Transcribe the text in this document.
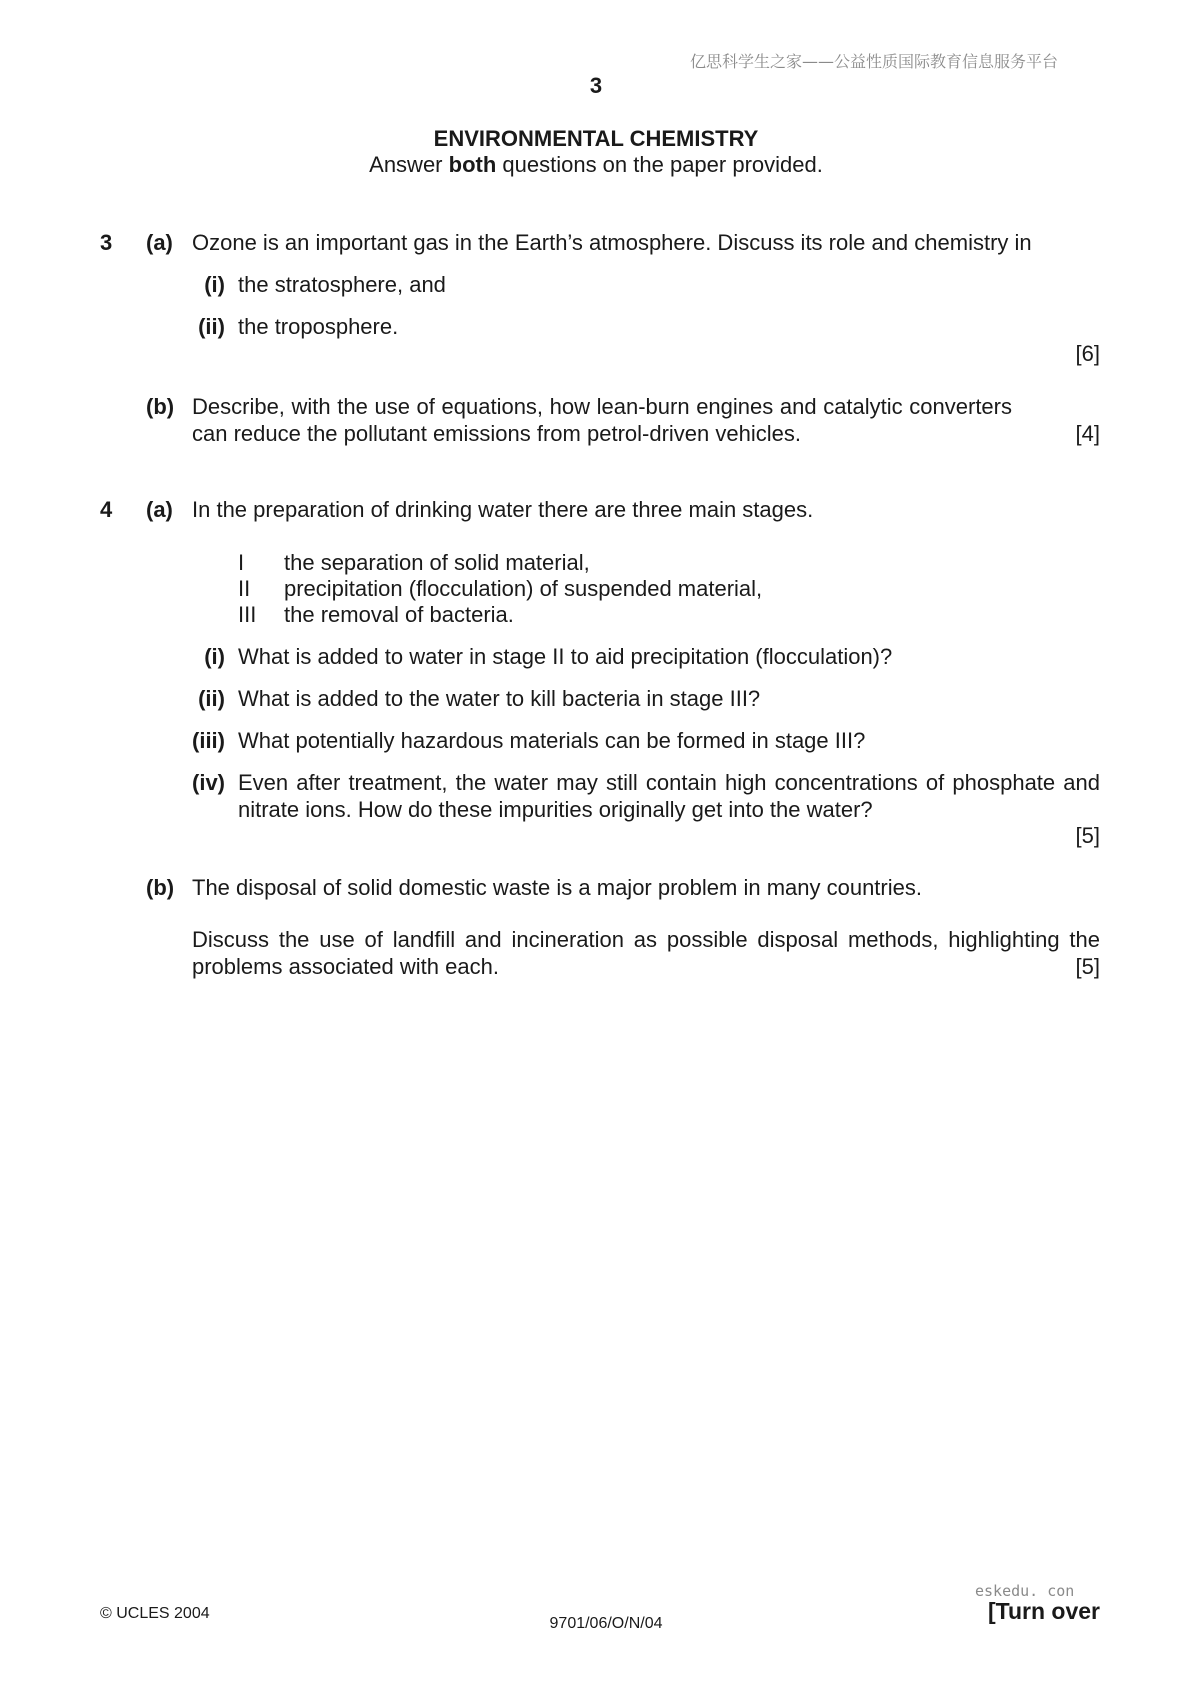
亿思科学生之家——公益性质国际教育信息服务平台
3
ENVIRONMENTAL CHEMISTRY
Answer both questions on the paper provided.
3 (a) Ozone is an important gas in the Earth’s atmosphere. Discuss its role and chemistry in
(i) the stratosphere, and
(ii) the troposphere.
[6]
(b) Describe, with the use of equations, how lean-burn engines and catalytic converters can reduce the pollutant emissions from petrol-driven vehicles.	[4]
4 (a) In the preparation of drinking water there are three main stages.
I the separation of solid material,
II precipitation (flocculation) of suspended material,
III the removal of bacteria.
(i) What is added to water in stage II to aid precipitation (flocculation)?
(ii) What is added to the water to kill bacteria in stage III?
(iii) What potentially hazardous materials can be formed in stage III?
(iv) Even after treatment, the water may still contain high concentrations of phosphate and nitrate ions. How do these impurities originally get into the water?
[5]
(b) The disposal of solid domestic waste is a major problem in many countries.
Discuss the use of landfill and incineration as possible disposal methods, highlighting the problems associated with each.	[5]
© UCLES 2004
9701/06/O/N/04
eskedu. con
[Turn over
